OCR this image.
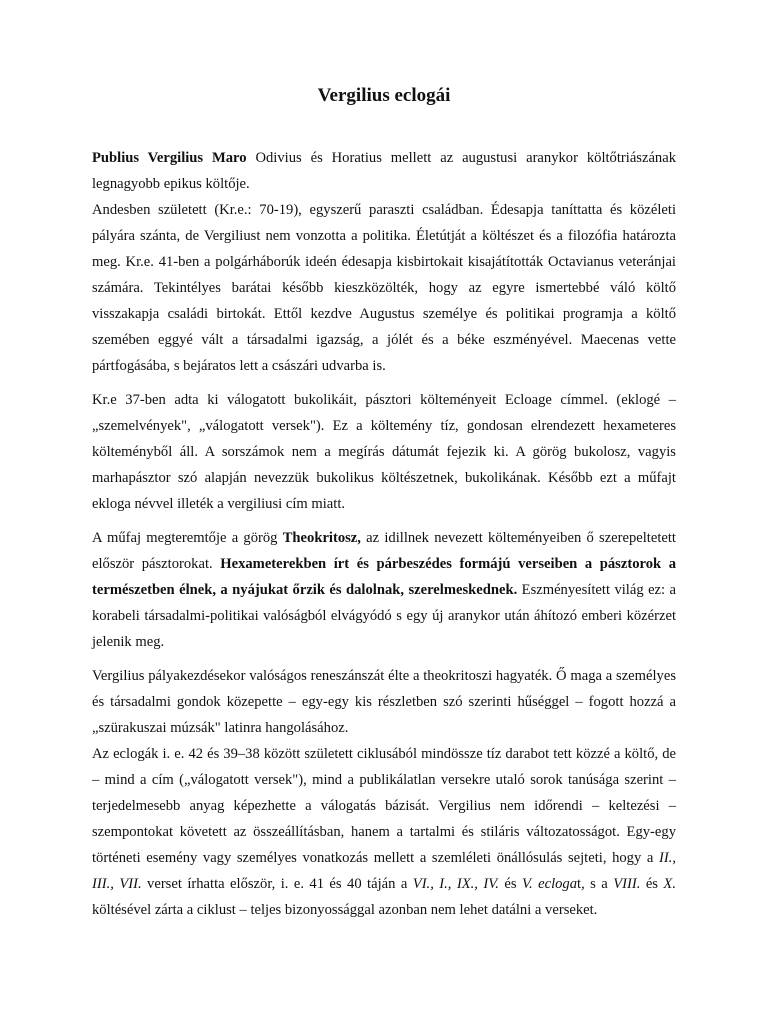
Vergilius eclogái

Publius Vergilius Maro Odivius és Horatius mellett az augustusi aranykor költőtriászának legnagyobb epikus költője.

Andesben született (Kr.e.: 70-19), egyszerű paraszti családban. Édesapja taníttatta és közéleti pályára szánta, de Vergiliust nem vonzotta a politika. Életútját a költészet és a filozófia határozta meg. Kr.e. 41-ben a polgárháborúk ideén édesapja kisbirtokait kisajátították Octavianus veteránjai számára. Tekintélyes barátai később kieszközölték, hogy az egyre ismertebbé váló költő visszakapja családi birtokát. Ettől kezdve Augustus személye és politikai programja a költő szemében eggyé vált a társadalmi igazság, a jólét és a béke eszményével. Maecenas vette pártfogásába, s bejáratos lett a császári udvarba is.

Kr.e 37-ben adta ki válogatott bukolikáit, pásztori költeményeit Ecloage címmel. (eklogé – „szemelvények", „válogatott versek"). Ez a költemény tíz, gondosan elrendezett hexameteres költeményből áll. A sorszámok nem a megírás dátumát fejezik ki. A görög bukolosz, vagyis marhapásztor szó alapján nevezzük bukolikus költészetnek, bukolikának. Később ezt a műfajt ekloga névvel illeték a vergiliusi cím miatt.

A műfaj megteremtője a görög Theokritosz, az idillnek nevezett költeményeiben ő szerepeltetett először pásztorokat. Hexameterekben írt és párbeszédes formájú verseiben a pásztorok a természetben élnek, a nyájukat őrzik és dalolnak, szerelmeskednek. Eszményesített világ ez: a korabeli társadalmi-politikai valóságból elvágyódó s egy új aranykor után áhítozó emberi közérzet jelenik meg.

Vergilius pályakezdésekor valóságos reneszánszát élte a theokritoszi hagyaték. Ő maga a személyes és társadalmi gondok közepette – egy-egy kis részletben szó szerinti hűséggel – fogott hozzá a „szürakuszai múzsák" latinra hangolásához.

Az eclogák i. e. 42 és 39–38 között született ciklusából mindössze tíz darabot tett közzé a költő, de – mind a cím („válogatott versek"), mind a publikálatlan versekre utaló sorok tanúsága szerint – terjedelmesebb anyag képezhette a válogatás bázisát. Vergilius nem időrendi – keltezési – szempontokat követett az összeállításban, hanem a tartalmi és stiláris változatosságot. Egy-egy történeti esemény vagy személyes vonatkozás mellett a szemléleti önállósulás sejteti, hogy a II., III., VII. verset írhatta először, i. e. 41 és 40 táján a VI., I., IX., IV. és V. eclogat, s a VIII. és X. költésével zárta a ciklust – teljes bizonyossággal azonban nem lehet datálni a verseket.
